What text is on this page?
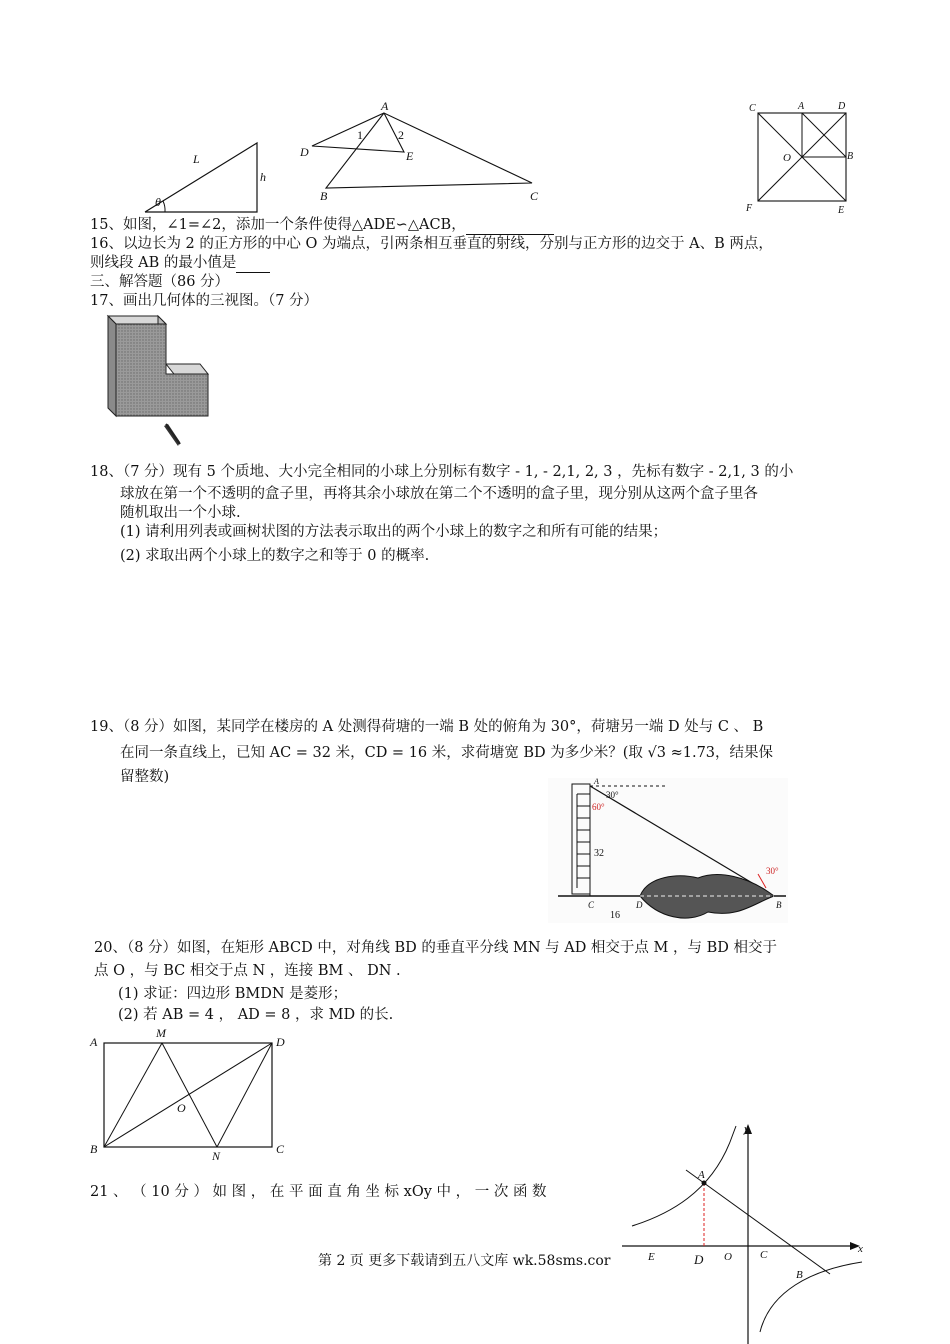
L
h
θ
A
D	E
B	C
1	2
C	A	D
O	B
F	E
15、如图，∠1=∠2，添加一个条件使得△ADE∽△ACB，
16、以边长为 2 的正方形的中心 O 为端点，引两条相互垂直的射线，分别与正方形的边交于 A、B 两点，
则线段 AB 的最小值是
三、解答题（86 分）
17、画出几何体的三视图。（7 分）
18、（7 分）现有 5 个质地、大小完全相同的小球上分别标有数字 - 1, - 2,1, 2, 3 ，先标有数字 - 2,1, 3 的小
球放在第一个不透明的盒子里，再将其余小球放在第二个不透明的盒子里，现分别从这两个盒子里各
随机取出一个小球.
(1) 请利用列表或画树状图的方法表示取出的两个小球上的数字之和所有可能的结果；
(2) 求取出两个小球上的数字之和等于 0 的概率.
19、（8 分）如图，某同学在楼房的 A 处测得荷塘的一端 B 处的俯角为 30°，荷塘另一端 D 处与 C 、 B
在同一条直线上，已知 AC = 32 米，CD = 16 米，求荷塘宽 BD 为多少米？(取 √3 ≈1.73，结果保
留整数)
30°
60°
32
A
C	D
16
B
30°
20、（8 分）如图，在矩形 ABCD 中，对角线 BD 的垂直平分线 MN 与 AD 相交于点 M ，与 BD 相交于
点 O ，与 BC 相交于点 N ，连接 BM 、 DN .
(1) 求证：四边形 BMDN 是菱形；
(2) 若 AB = 4 ， AD = 8 ，求 MD 的长.
A
M
D
O
B	N	C
21 、 （ 10 分 ） 如 图 ， 在 平 面 直 角 坐 标 xOy 中 ， 一 次 函 数
y
x
A
E	D O	C
B
第 2 页 更多下载请到五八文库 wk.58sms.cor
